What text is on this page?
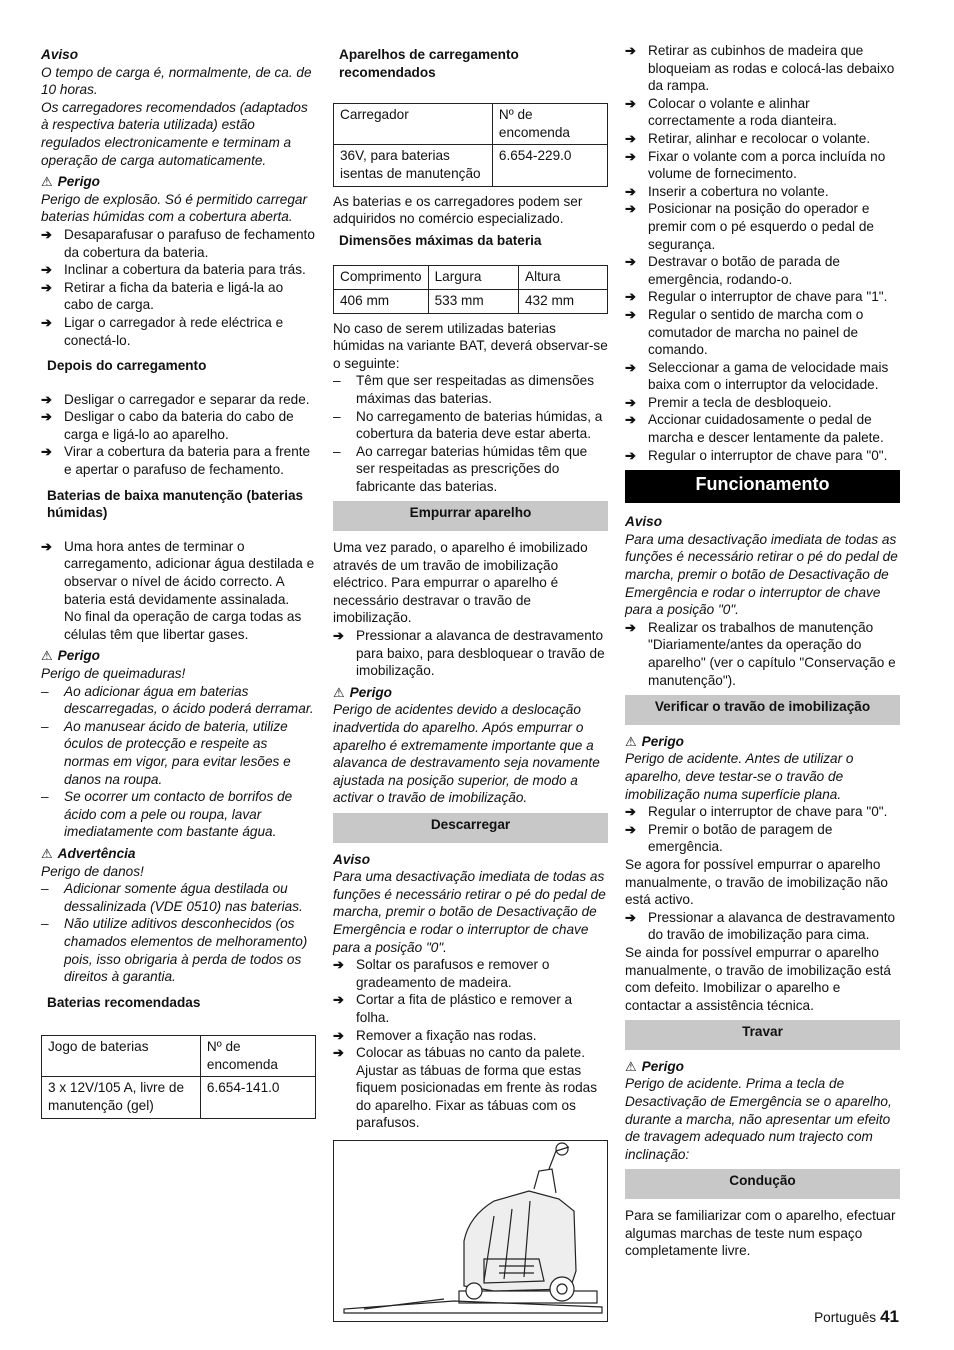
Aviso

O tempo de carga é, normalmente, de ca. de 10 horas.

Os carregadores recomendados (adaptados à respectiva bateria utilizada) estão regulados electronicamente e terminam a operação de carga automaticamente.

⚠ Perigo

Perigo de explosão. Só é permitido carregar baterias húmidas com a cobertura aberta.

➔ Desaparafusar o parafuso de fechamento da cobertura da bateria.

➔ Inclinar a cobertura da bateria para trás.

➔ Retirar a ficha da bateria e ligá-la ao cabo de carga.

➔ Ligar o carregador à rede eléctrica e conectá-lo.

Depois do carregamento

➔ Desligar o carregador e separar da rede.

➔ Desligar o cabo da bateria do cabo de carga e ligá-lo ao aparelho.

➔ Virar a cobertura da bateria para a frente e apertar o parafuso de fechamento.

Baterias de baixa manutenção (baterias húmidas)

➔ Uma hora antes de terminar o carregamento, adicionar água destilada e observar o nível de ácido correcto. A bateria está devidamente assinalada.

No final da operação de carga todas as células têm que libertar gases.

⚠ Perigo

Perigo de queimaduras!

– Ao adicionar água em baterias descarregadas, o ácido poderá derramar.

– Ao manusear ácido de bateria, utilize óculos de protecção e respeite as normas em vigor, para evitar lesões e danos na roupa.

– Se ocorrer um contacto de borrifos de ácido com a pele ou roupa, lavar imediatamente com bastante água.

⚠ Advertência

Perigo de danos!

– Adicionar somente água destilada ou dessalinizada (VDE 0510) nas baterias.

– Não utilize aditivos desconhecidos (os chamados elementos de melhoramento) pois, isso obrigaria à perda de todos os direitos à garantia.

Baterias recomendadas

Jogo de baterias	Nº de encomenda
3 x 12V/105 A, livre de manutenção (gel)	6.654-141.0

Aparelhos de carregamento recomendados

Carregador	Nº de encomenda
36V, para baterias isentas de manutenção	6.654-229.0

As baterias e os carregadores podem ser adquiridos no comércio especializado.

Dimensões máximas da bateria

Comprimento	Largura	Altura
406 mm	533 mm	432 mm

No caso de serem utilizadas baterias húmidas na variante BAT, deverá observar-se o seguinte:

– Têm que ser respeitadas as dimensões máximas das baterias.

– No carregamento de baterias húmidas, a cobertura da bateria deve estar aberta.

– Ao carregar baterias húmidas têm que ser respeitadas as prescrições do fabricante das baterias.

Empurrar aparelho

Uma vez parado, o aparelho é imobilizado através de um travão de imobilização eléctrico. Para empurrar o aparelho é necessário destravar o travão de imobilização.

➔ Pressionar a alavanca de destravamento para baixo, para desbloquear o travão de imobilização.

⚠ Perigo

Perigo de acidentes devido a deslocação inadvertida do aparelho. Após empurrar o aparelho é extremamente importante que a alavanca de destravamento seja novamente ajustada na posição superior, de modo a activar o travão de imobilização.

Descarregar

Aviso

Para uma desactivação imediata de todas as funções é necessário retirar o pé do pedal de marcha, premir o botão de Desactivação de Emergência e rodar o interruptor de chave para a posição "0".

➔ Soltar os parafusos e remover o gradeamento de madeira.

➔ Cortar a fita de plástico e remover a folha.

➔ Remover a fixação nas rodas.

➔ Colocar as tábuas no canto da palete. Ajustar as tábuas de forma que estas fiquem posicionadas em frente às rodas do aparelho. Fixar as tábuas com os parafusos.

➔ Retirar as cubinhos de madeira que bloqueiam as rodas e colocá-las debaixo da rampa.

➔ Colocar o volante e alinhar correctamente a roda dianteira.

➔ Retirar, alinhar e recolocar o volante.

➔ Fixar o volante com a porca incluída no volume de fornecimento.

➔ Inserir a cobertura no volante.

➔ Posicionar na posição do operador e premir com o pé esquerdo o pedal de segurança.

➔ Destravar o botão de parada de emergência, rodando-o.

➔ Regular o interruptor de chave para "1".

➔ Regular o sentido de marcha com o comutador de marcha no painel de comando.

➔ Seleccionar a gama de velocidade mais baixa com o interruptor da velocidade.

➔ Premir a tecla de desbloqueio.

➔ Accionar cuidadosamente o pedal de marcha e descer lentamente da palete.

➔ Regular o interruptor de chave para "0".

Funcionamento

Aviso

Para uma desactivação imediata de todas as funções é necessário retirar o pé do pedal de marcha, premir o botão de Desactivação de Emergência e rodar o interruptor de chave para a posição "0".

➔ Realizar os trabalhos de manutenção "Diariamente/antes da operação do aparelho" (ver o capítulo "Conservação e manutenção").

Verificar o travão de imobilização

⚠ Perigo

Perigo de acidente. Antes de utilizar o aparelho, deve testar-se o travão de imobilização numa superfície plana.

➔ Regular o interruptor de chave para "0".

➔ Premir o botão de paragem de emergência.

Se agora for possível empurrar o aparelho manualmente, o travão de imobilização não está activo.

➔ Pressionar a alavanca de destravamento do travão de imobilização para cima.

Se ainda for possível empurrar o aparelho manualmente, o travão de imobilização está com defeito. Imobilizar o aparelho e contactar a assistência técnica.

Travar

⚠ Perigo

Perigo de acidente. Prima a tecla de Desactivação de Emergência se o aparelho, durante a marcha, não apresentar um efeito de travagem adequado num trajecto com inclinação:

Condução

Para se familiarizar com o aparelho, efectuar algumas marchas de teste num espaço completamente livre.

Português 41
